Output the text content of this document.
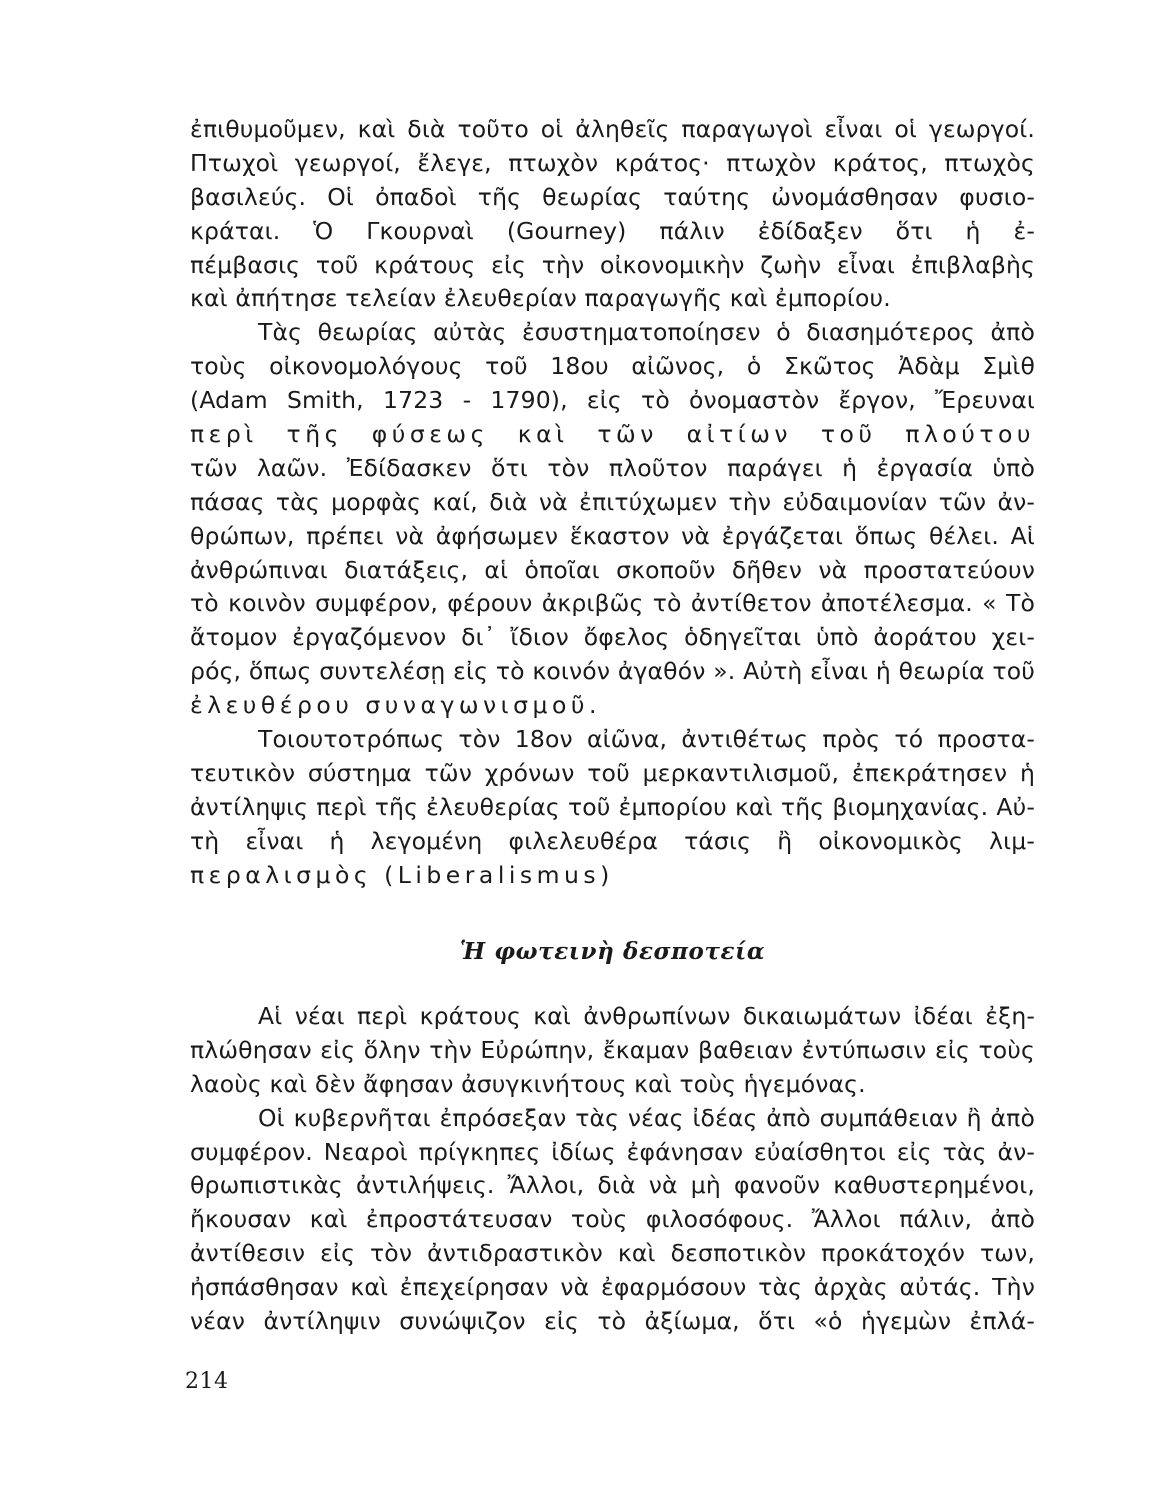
ἐπιθυμοῦμεν, καὶ διὰ τοῦτο οἱ ἀληθεῖς παραγωγοὶ εἶναι οἱ γεωργοί.
Πτωχοὶ γεωργοί, ἔλεγε, πτωχὸν κράτος· πτωχὸν κράτος, πτωχὸς
βασιλεύς. Οἱ ὀπαδοὶ τῆς θεωρίας ταύτης ὠνομάσθησαν φυσιο-
κράται. Ὁ Γκουρναὶ (Gourney) πάλιν ἐδίδαξεν ὅτι ἡ ἐ-
πέμβασις τοῦ κράτους εἰς τὴν οἰκονομικὴν ζωὴν εἶναι ἐπιβλαβὴς
καὶ ἀπήτησε τελείαν ἐλευθερίαν παραγωγῆς καὶ ἐμπορίου.
Τὰς θεωρίας αὐτὰς ἐσυστηματοποίησεν ὁ διασημότερος ἀπὸ
τοὺς οἰκονομολόγους τοῦ 18ου αἰῶνος, ὁ Σκῶτος Ἀδὰμ Σμὶθ
(Adam Smith, 1723 - 1790), εἰς τὸ ὀνομαστὸν ἔργον, Ἔρευναι
περὶ τῆς φύσεως καὶ τῶν αἰτίων τοῦ πλούτου
τῶν λαῶν. Ἐδίδασκεν ὅτι τὸν πλοῦτον παράγει ἡ ἐργασία ὑπὸ
πάσας τὰς μορφὰς καί, διὰ νὰ ἐπιτύχωμεν τὴν εὐδαιμονίαν τῶν ἀν-
θρώπων, πρέπει νὰ ἀφήσωμεν ἕκαστον νὰ ἐργάζεται ὅπως θέλει. Αἱ
ἀνθρώπιναι διατάξεις, αἱ ὁποῖαι σκοποῦν δῆθεν νὰ προστατεύουν
τὸ κοινὸν συμφέρον, φέρουν ἀκριβῶς τὸ ἀντίθετον ἀποτέλεσμα. « Τὸ
ἄτομον ἐργαζόμενον δι᾿ ἴδιον ὄφελος ὁδηγεῖται ὑπὸ ἀοράτου χει-
ρός, ὅπως συντελέσῃ εἰς τὸ κοινόν ἀγαθόν ». Αὐτὴ εἶναι ἡ θεωρία τοῦ
ἐλευθέρου συναγωνισμοῦ.
Τοιουτοτρόπως τὸν 18ον αἰῶνα, ἀντιθέτως πρὸς τό προστα-
τευτικὸν σύστημα τῶν χρόνων τοῦ μερκαντιλισμοῦ, ἐπεκράτησεν ἡ
ἀντίληψις περὶ τῆς ἐλευθερίας τοῦ ἐμπορίου καὶ τῆς βιομηχανίας. Αὐ-
τὴ εἶναι ἡ λεγομένη φιλελευθέρα τάσις ἢ οἰκονομικὸς λιμ-
περαλισμὸς (Liberalismus)
Ἡ φωτεινὴ δεσποτεία
Αἱ νέαι περὶ κράτους καὶ ἀνθρωπίνων δικαιωμάτων ἰδέαι ἐξη-
πλώθησαν εἰς ὅλην τὴν Εὐρώπην, ἔκαμαν βαθειαν ἐντύπωσιν εἰς τοὺς
λαοὺς καὶ δὲν ἄφησαν ἀσυγκινήτους καὶ τοὺς ἡγεμόνας.
Οἱ κυβερνῆται ἐπρόσεξαν τὰς νέας ἰδέας ἀπὸ συμπάθειαν ἢ ἀπὸ
συμφέρον. Νεαροὶ πρίγκηπες ἰδίως ἐφάνησαν εὐαίσθητοι εἰς τὰς ἀν-
θρωπιστικὰς ἀντιλήψεις. Ἄλλοι, διὰ νὰ μὴ φανοῦν καθυστερημένοι,
ἤκουσαν καὶ ἐπροστάτευσαν τοὺς φιλοσόφους. Ἄλλοι πάλιν, ἀπὸ
ἀντίθεσιν εἰς τὸν ἀντιδραστικὸν καὶ δεσποτικὸν προκάτοχόν των,
ἠσπάσθησαν καὶ ἐπεχείρησαν νὰ ἐφαρμόσουν τὰς ἀρχὰς αὐτάς. Τὴν
νέαν ἀντίληψιν συνώψιζον εἰς τὸ ἀξίωμα, ὅτι «ὁ ἡγεμὼν ἐπλά-
214
